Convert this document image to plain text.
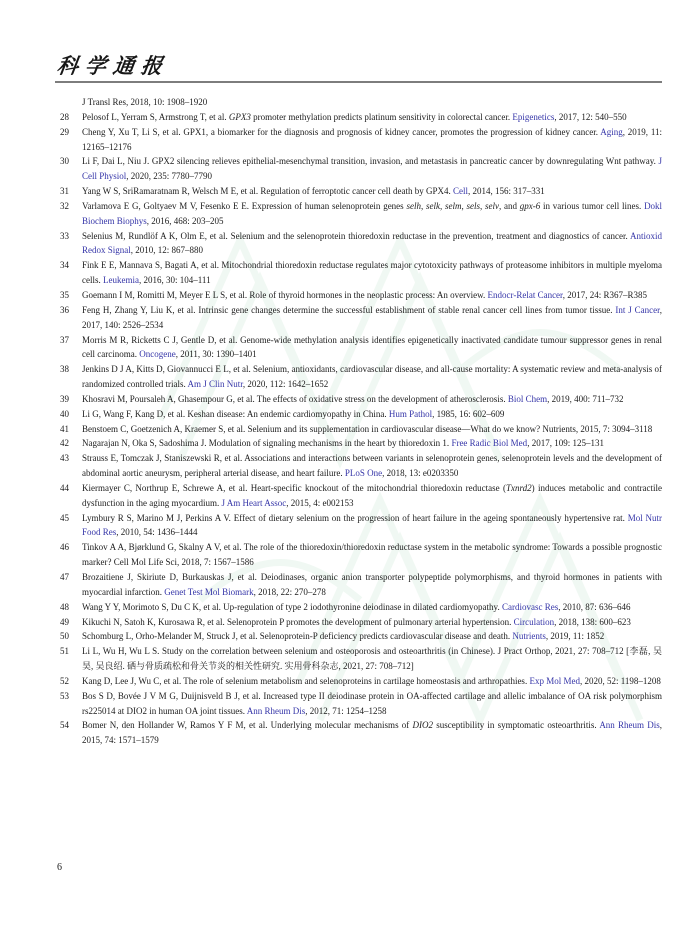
科学通报
J Transl Res, 2018, 10: 1908–1920
28 Pelosof L, Yerram S, Armstrong T, et al. GPX3 promoter methylation predicts platinum sensitivity in colorectal cancer. Epigenetics, 2017, 12: 540–550
29 Cheng Y, Xu T, Li S, et al. GPX1, a biomarker for the diagnosis and prognosis of kidney cancer, promotes the progression of kidney cancer. Aging, 2019, 11: 12165–12176
30 Li F, Dai L, Niu J. GPX2 silencing relieves epithelial-mesenchymal transition, invasion, and metastasis in pancreatic cancer by downregulating Wnt pathway. J Cell Physiol, 2020, 235: 7780–7790
31 Yang W S, SriRamaratnam R, Welsch M E, et al. Regulation of ferroptotic cancer cell death by GPX4. Cell, 2014, 156: 317–331
32 Varlamova E G, Goltyaev M V, Fesenko E E. Expression of human selenoprotein genes selh, selk, selm, sels, selv, and gpx-6 in various tumor cell lines. Dokl Biochem Biophys, 2016, 468: 203–205
33 Selenius M, Rundlöf A K, Olm E, et al. Selenium and the selenoprotein thioredoxin reductase in the prevention, treatment and diagnostics of cancer. Antioxid Redox Signal, 2010, 12: 867–880
34 Fink E E, Mannava S, Bagati A, et al. Mitochondrial thioredoxin reductase regulates major cytotoxicity pathways of proteasome inhibitors in multiple myeloma cells. Leukemia, 2016, 30: 104–111
35 Goemann I M, Romitti M, Meyer E L S, et al. Role of thyroid hormones in the neoplastic process: An overview. Endocr-Relat Cancer, 2017, 24: R367–R385
36 Feng H, Zhang Y, Liu K, et al. Intrinsic gene changes determine the successful establishment of stable renal cancer cell lines from tumor tissue. Int J Cancer, 2017, 140: 2526–2534
37 Morris M R, Ricketts C J, Gentle D, et al. Genome-wide methylation analysis identifies epigenetically inactivated candidate tumour suppressor genes in renal cell carcinoma. Oncogene, 2011, 30: 1390–1401
38 Jenkins D J A, Kitts D, Giovannucci E L, et al. Selenium, antioxidants, cardiovascular disease, and all-cause mortality: A systematic review and meta-analysis of randomized controlled trials. Am J Clin Nutr, 2020, 112: 1642–1652
39 Khosravi M, Poursaleh A, Ghasempour G, et al. The effects of oxidative stress on the development of atherosclerosis. Biol Chem, 2019, 400: 711–732
40 Li G, Wang F, Kang D, et al. Keshan disease: An endemic cardiomyopathy in China. Hum Pathol, 1985, 16: 602–609
41 Benstoem C, Goetzenich A, Kraemer S, et al. Selenium and its supplementation in cardiovascular disease—What do we know? Nutrients, 2015, 7: 3094–3118
42 Nagarajan N, Oka S, Sadoshima J. Modulation of signaling mechanisms in the heart by thioredoxin 1. Free Radic Biol Med, 2017, 109: 125–131
43 Strauss E, Tomczak J, Staniszewski R, et al. Associations and interactions between variants in selenoprotein genes, selenoprotein levels and the development of abdominal aortic aneurysm, peripheral arterial disease, and heart failure. PLoS One, 2018, 13: e0203350
44 Kiermayer C, Northrup E, Schrewe A, et al. Heart-specific knockout of the mitochondrial thioredoxin reductase (Txnrd2) induces metabolic and contractile dysfunction in the aging myocardium. J Am Heart Assoc, 2015, 4: e002153
45 Lymbury R S, Marino M J, Perkins A V. Effect of dietary selenium on the progression of heart failure in the ageing spontaneously hypertensive rat. Mol Nutr Food Res, 2010, 54: 1436–1444
46 Tinkov A A, Bjørklund G, Skalny A V, et al. The role of the thioredoxin/thioredoxin reductase system in the metabolic syndrome: Towards a possible prognostic marker? Cell Mol Life Sci, 2018, 7: 1567–1586
47 Brozaitiene J, Skiriute D, Burkauskas J, et al. Deiodinases, organic anion transporter polypeptide polymorphisms, and thyroid hormones in patients with myocardial infarction. Genet Test Mol Biomark, 2018, 22: 270–278
48 Wang Y Y, Morimoto S, Du C K, et al. Up-regulation of type 2 iodothyronine deiodinase in dilated cardiomyopathy. Cardiovasc Res, 2010, 87: 636–646
49 Kikuchi N, Satoh K, Kurosawa R, et al. Selenoprotein P promotes the development of pulmonary arterial hypertension. Circulation, 2018, 138: 600–623
50 Schomburg L, Orho-Melander M, Struck J, et al. Selenoprotein-P deficiency predicts cardiovascular disease and death. Nutrients, 2019, 11: 1852
51 Li L, Wu H, Wu L S. Study on the correlation between selenium and osteoporosis and osteoarthritis (in Chinese). J Pract Orthop, 2021, 27: 708–712 [李磊, 吴昊, 吴良绍. 硒与骨质疏松和骨关节炎的相关性研究. 实用骨科杂志, 2021, 27: 708–712]
52 Kang D, Lee J, Wu C, et al. The role of selenium metabolism and selenoproteins in cartilage homeostasis and arthropathies. Exp Mol Med, 2020, 52: 1198–1208
53 Bos S D, Bovée J V M G, Duijnisveld B J, et al. Increased type II deiodinase protein in OA-affected cartilage and allelic imbalance of OA risk polymorphism rs225014 at DIO2 in human OA joint tissues. Ann Rheum Dis, 2012, 71: 1254–1258
54 Bomer N, den Hollander W, Ramos Y F M, et al. Underlying molecular mechanisms of DIO2 susceptibility in symptomatic osteoarthritis. Ann Rheum Dis, 2015, 74: 1571–1579
6
